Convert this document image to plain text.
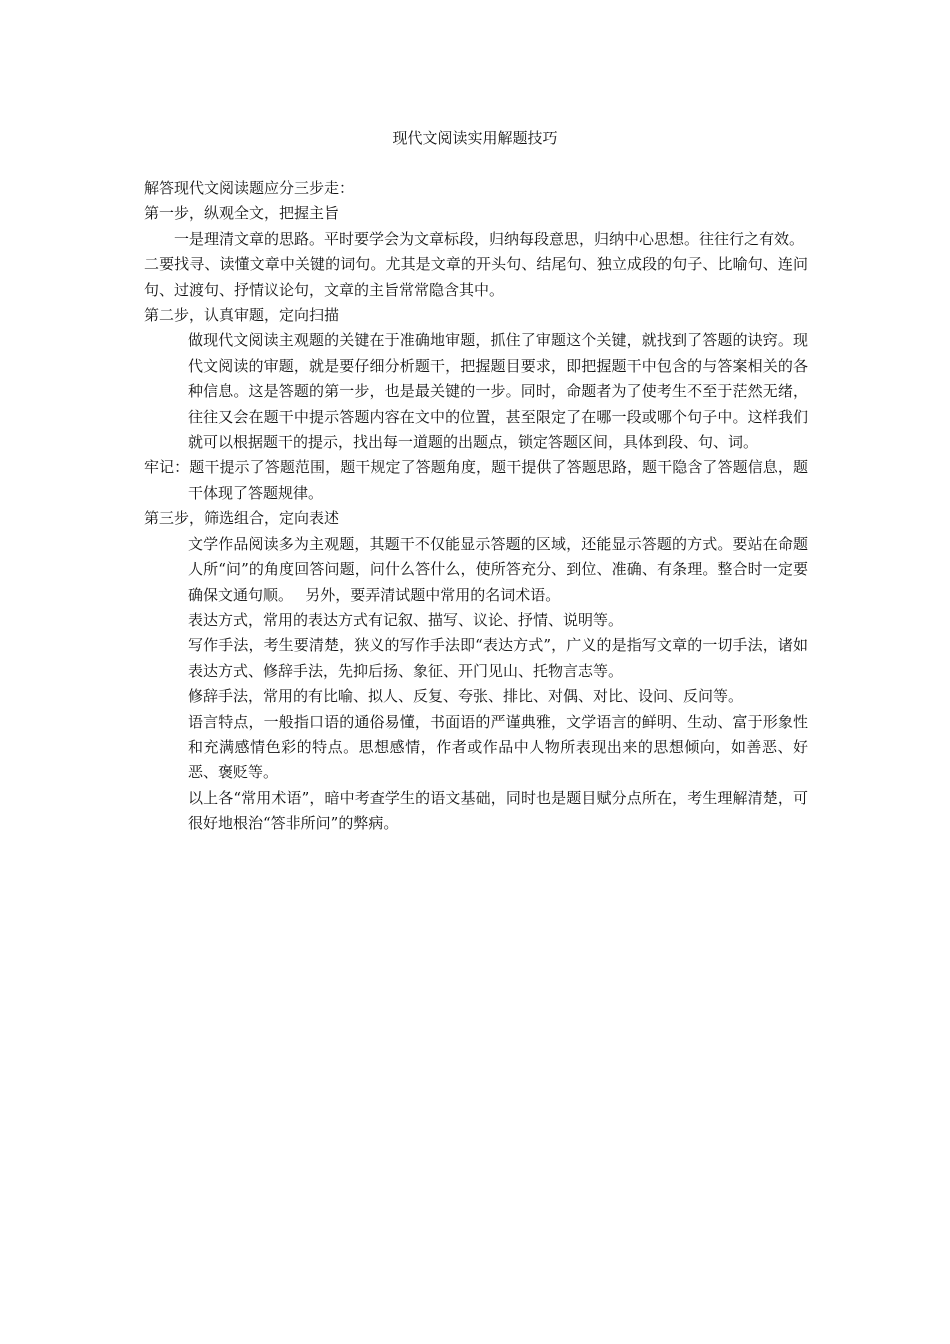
现代文阅读实用解题技巧

解答现代文阅读题应分三步走：

第一步，纵观全文，把握主旨

一是理清文章的思路。平时要学会为文章标段，归纳每段意思，归纳中心思想。往往行之有效。

二要找寻、读懂文章中关键的词句。尤其是文章的开头句、结尾句、独立成段的句子、比喻句、连问句、过渡句、抒情议论句，文章的主旨常常隐含其中。

第二步，认真审题，定向扫描

做现代文阅读主观题的关键在于准确地审题，抓住了审题这个关键，就找到了答题的诀窍。现代文阅读的审题，就是要仔细分析题干，把握题目要求，即把握题干中包含的与答案相关的各种信息。这是答题的第一步，也是最关键的一步。同时，命题者为了使考生不至于茫然无绪，往往又会在题干中提示答题内容在文中的位置，甚至限定了在哪一段或哪个句子中。这样我们就可以根据题干的提示，找出每一道题的出题点，锁定答题区间，具体到段、句、词。

牢记：题干提示了答题范围，题干规定了答题角度，题干提供了答题思路，题干隐含了答题信息，题干体现了答题规律。

第三步，筛选组合，定向表述

文学作品阅读多为主观题，其题干不仅能显示答题的区域，还能显示答题的方式。要站在命题人所“问”的角度回答问题，问什么答什么，使所答充分、到位、准确、有条理。整合时一定要确保文通句顺。　 另外，要弄清试题中常用的名词术语。

表达方式，常用的表达方式有记叙、描写、议论、抒情、说明等。

写作手法，考生要清楚，狭义的写作手法即“表达方式”，广义的是指写文章的一切手法，诸如表达方式、修辞手法，先抑后扬、象征、开门见山、托物言志等。

修辞手法，常用的有比喻、拟人、反复、夸张、排比、对偶、对比、设问、反问等。

语言特点，一般指口语的通俗易懂，书面语的严谨典雅，文学语言的鲜明、生动、富于形象性和充满感情色彩的特点。思想感情，作者或作品中人物所表现出来的思想倾向，如善恶、好恶、褒贬等。

以上各“常用术语”，暗中考查学生的语文基础，同时也是题目赋分点所在，考生理解清楚，可很好地根治“答非所问”的弊病。
